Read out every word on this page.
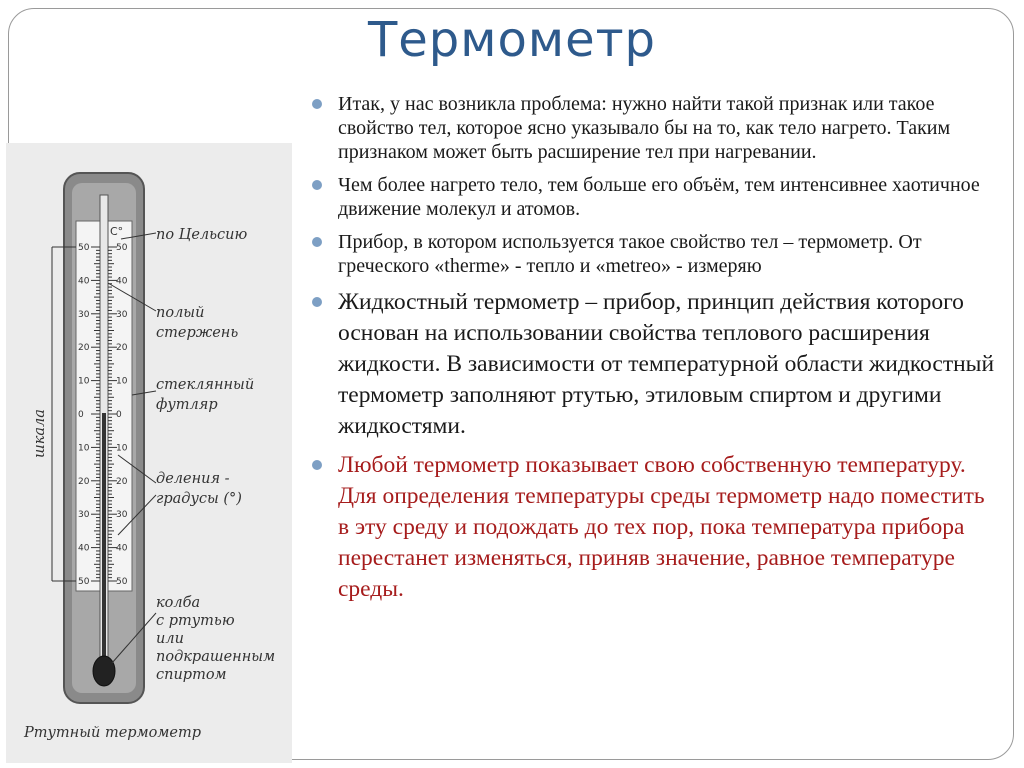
Термометр
50
40
30
20
10
0
10
20
30
40
50
50
40
30
20
10
0
10
20
30
40
50
C°
шкала
по Цельсию
полый
стержень
стеклянный
футляр
деления -
градусы (°)
колба
с ртутью
или
подкрашенным
спиртом
Ртутный термометр
Итак, у нас возникла проблема: нужно найти такой признак или такое свойство тел, которое ясно указывало бы на то, как тело нагрето. Таким признаком может быть расширение тел при нагревании.
Чем более нагрето тело, тем больше его объём, тем интенсивнее хаотичное движение молекул и атомов.
Прибор, в котором используется такое свойство тел – термометр. От греческого «therme» - тепло и «metreo» - измеряю
Жидкостный термометр – прибор, принцип действия которого основан на использовании свойства теплового расширения жидкости. В зависимости от температурной области жидкостный термометр заполняют ртутью, этиловым спиртом и другими жидкостями.
Любой термометр показывает свою собственную температуру. Для определения температуры среды термометр надо поместить в эту среду и подождать до тех пор, пока температура прибора перестанет изменяться, приняв значение, равное температуре среды.
